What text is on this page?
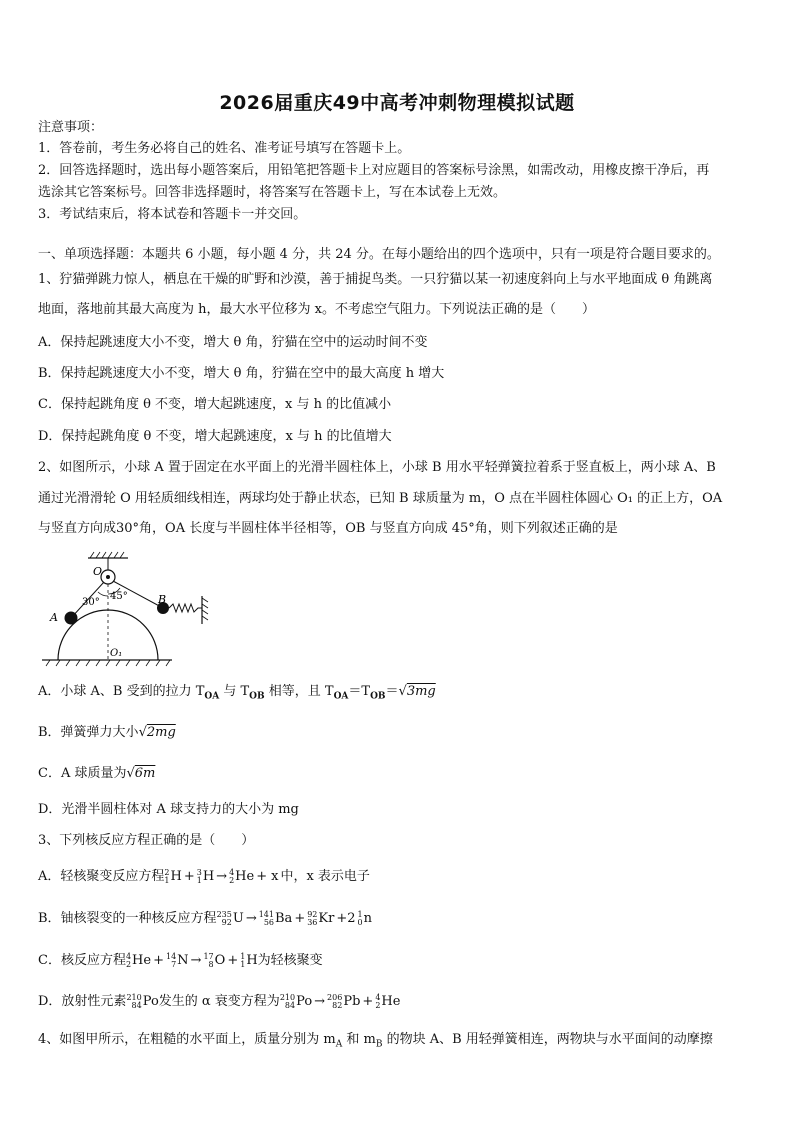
2026届重庆49中高考冲刺物理模拟试题
注意事项：
1．答卷前，考生务必将自己的姓名、准考证号填写在答题卡上。
2．回答选择题时，选出每小题答案后，用铅笔把答题卡上对应题目的答案标号涂黑，如需改动，用橡皮擦干净后，再
选涂其它答案标号。回答非选择题时，将答案写在答题卡上，写在本试卷上无效。
3．考试结束后，将本试卷和答题卡一并交回。
一、单项选择题：本题共 6 小题，每小题 4 分，共 24 分。在每小题给出的四个选项中，只有一项是符合题目要求的。
1、狞猫弹跳力惊人，栖息在干燥的旷野和沙漠，善于捕捉鸟类。一只狞猫以某一初速度斜向上与水平地面成 θ 角跳离
地面，落地前其最大高度为 h，最大水平位移为 x。不考虑空气阻力。下列说法正确的是（　　）
A．保持起跳速度大小不变，增大 θ 角，狞猫在空中的运动时间不变
B．保持起跳速度大小不变，增大 θ 角，狞猫在空中的最大高度 h 增大
C．保持起跳角度 θ 不变，增大起跳速度，x 与 h 的比值减小
D．保持起跳角度 θ 不变，增大起跳速度，x 与 h 的比值增大
2、如图所示，小球 A 置于固定在水平面上的光滑半圆柱体上，小球 B 用水平轻弹簧拉着系于竖直板上，两小球 A、B
通过光滑滑轮 O 用轻质细线相连，两球均处于静止状态，已知 B 球质量为 m，O 点在半圆柱体圆心 O₁ 的正上方，OA
与竖直方向成30°角，OA 长度与半圆柱体半径相等，OB 与竖直方向成 45°角，则下列叙述正确的是
O
A
B
O₁
30°
45°
A．小球 A、B 受到的拉力 $T_{OA}$ 与 $T_{OB}$ 相等，且 $T_{OA}=T_{OB}=√3mg$
B．弹簧弹力大小√2mg
C．A 球质量为√6m
D．光滑半圆柱体对 A 球支持力的大小为 mg
3、下列核反应方程正确的是（　　）
A．轻核聚变反应方程 2
1 H + 3
1 H → 4
2 He + x 中，x 表示电子
B．铀核裂变的一种核反应方程 235
92 U → 141
56 Ba + 92
36 Kr +2 1
0 n
C．核反应方程 4
2 He + 14
7 N → 17
8 O + 1
1 H为轻核聚变
D．放射性元素 210
84 Po发生的 α 衰变方程为 210
84 Po → 206
82 Pb + 4
2 He
4、如图甲所示，在粗糙的水平面上，质量分别为 $m_A$ 和 $m_B$ 的物块 A、B 用轻弹簧相连，两物块与水平面间的动摩擦
